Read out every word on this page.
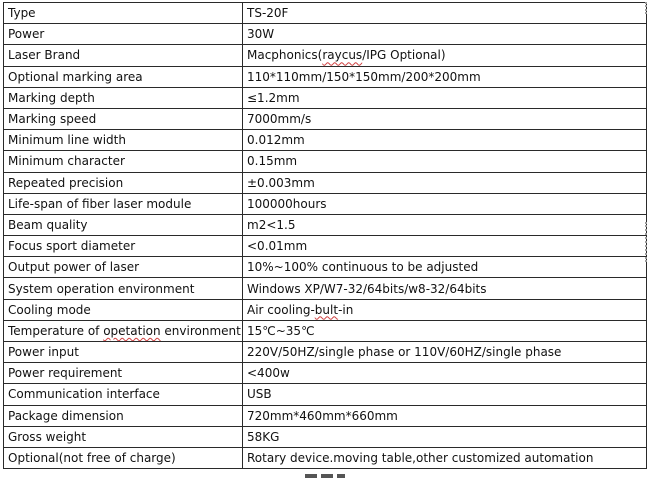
Type	TS-20F
Power	30W
Laser Brand	Macphonics(raycus/IPG Optional)
Optional marking area	110*110mm/150*150mm/200*200mm
Marking depth	≤1.2mm
Marking speed	7000mm/s
Minimum line width	0.012mm
Minimum character	0.15mm
Repeated precision	±0.003mm
Life-span of fiber laser module	100000hours
Beam quality	m2<1.5
Focus sport diameter	<0.01mm
Output power of laser	10%~100% continuous to be adjusted
System operation environment	Windows XP/W7-32/64bits/w8-32/64bits
Cooling mode	Air cooling-bult-in
Temperature of opetation environment	15℃~35℃
Power input	220V/50HZ/single phase or 110V/60HZ/single phase
Power requirement	<400w
Communication interface	USB
Package dimension	720mm*460mm*660mm
Gross weight	58KG
Optional(not free of charge)	Rotary device.moving table,other customized automation
